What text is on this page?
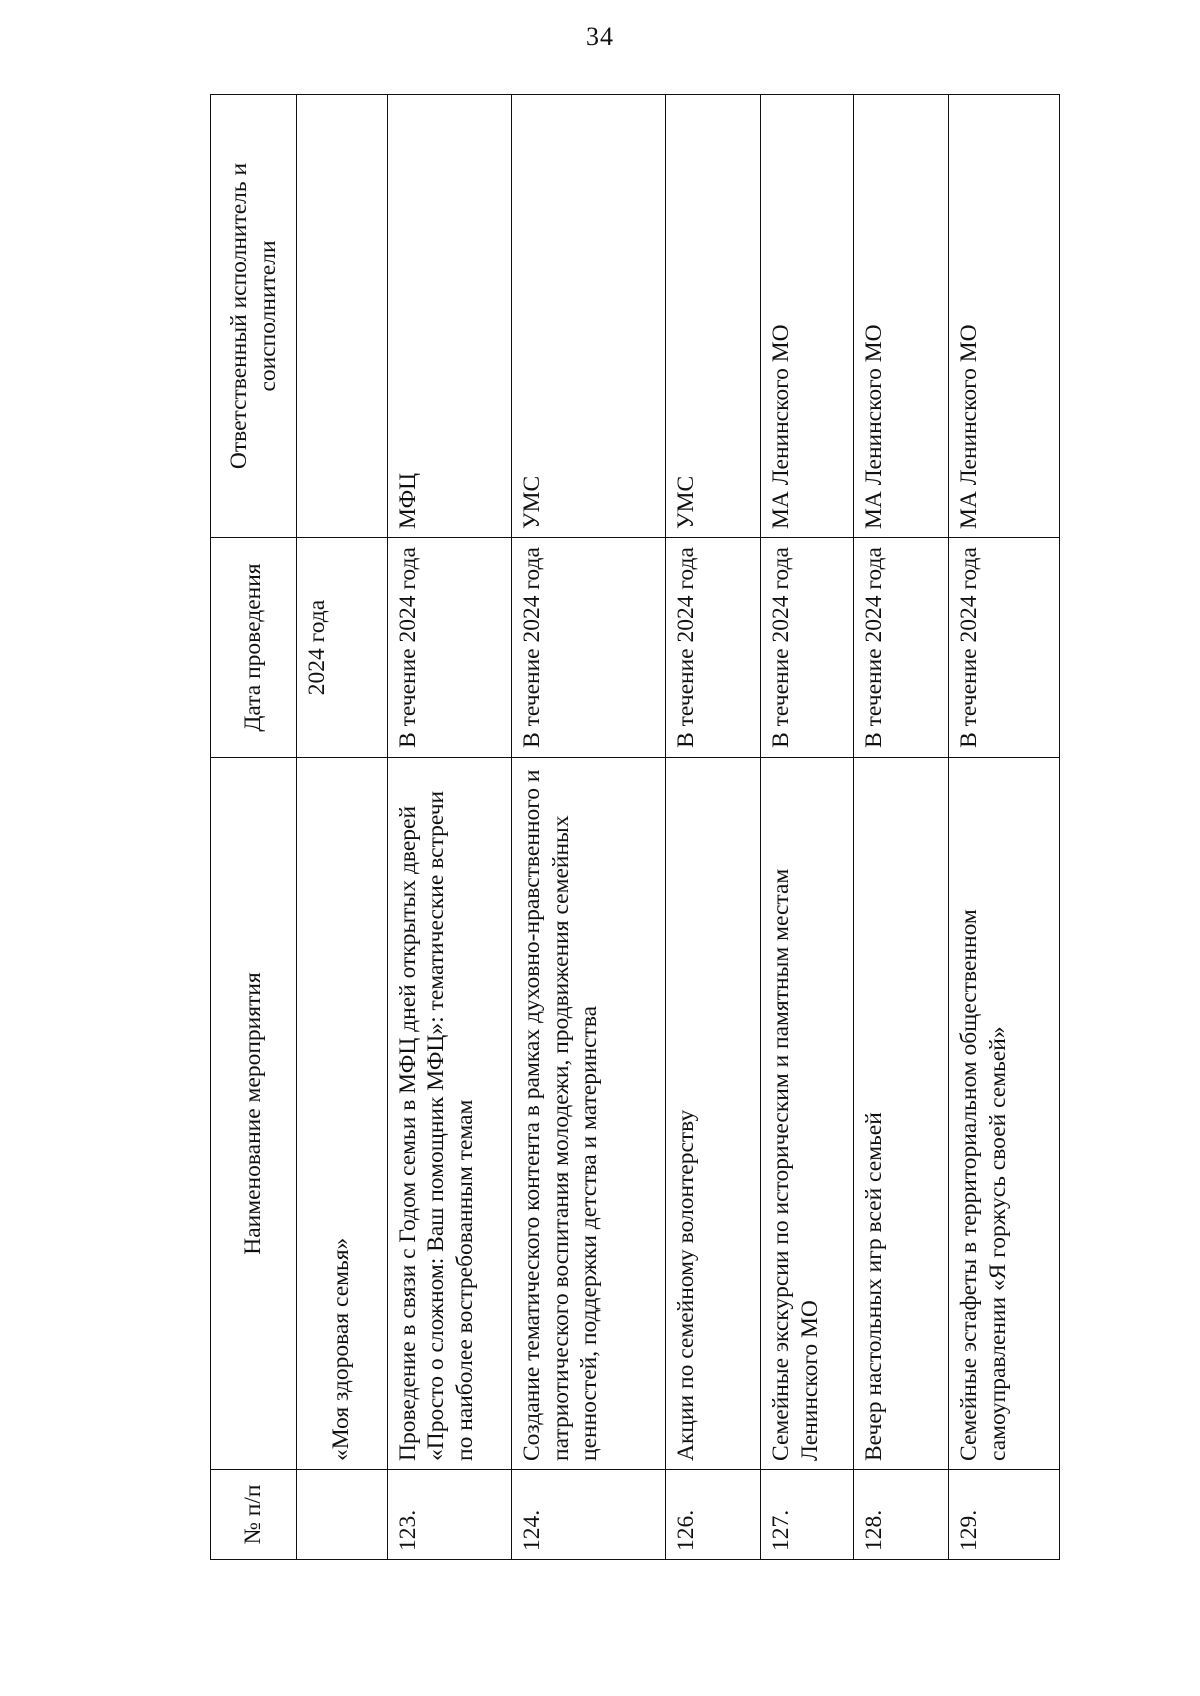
34
№ п/п	Наименование мероприятия	Дата проведения	Ответственный исполнитель и соисполнители
	«Моя здоровая семья»	2024 года	
123.	Проведение в связи с Годом семьи в МФЦ дней открытых дверей «Просто о сложном: Ваш помощник МФЦ»: тематические встречи по наиболее востребованным темам	В течение 2024 года	МФЦ
124.	Создание тематического контента в рамках духовно-нравственного и патриотического воспитания молодежи, продвижения семейных ценностей, поддержки детства и материнства	В течение 2024 года	УМС
126.	Акции по семейному волонтерству	В течение 2024 года	УМС
127.	Семейные экскурсии по историческим и памятным местам Ленинского МО	В течение 2024 года	МА Ленинского МО
128.	Вечер настольных игр всей семьей	В течение 2024 года	МА Ленинского МО
129.	Семейные эстафеты в территориальном общественном самоуправлении «Я горжусь своей семьей»	В течение 2024 года	МА Ленинского МО
